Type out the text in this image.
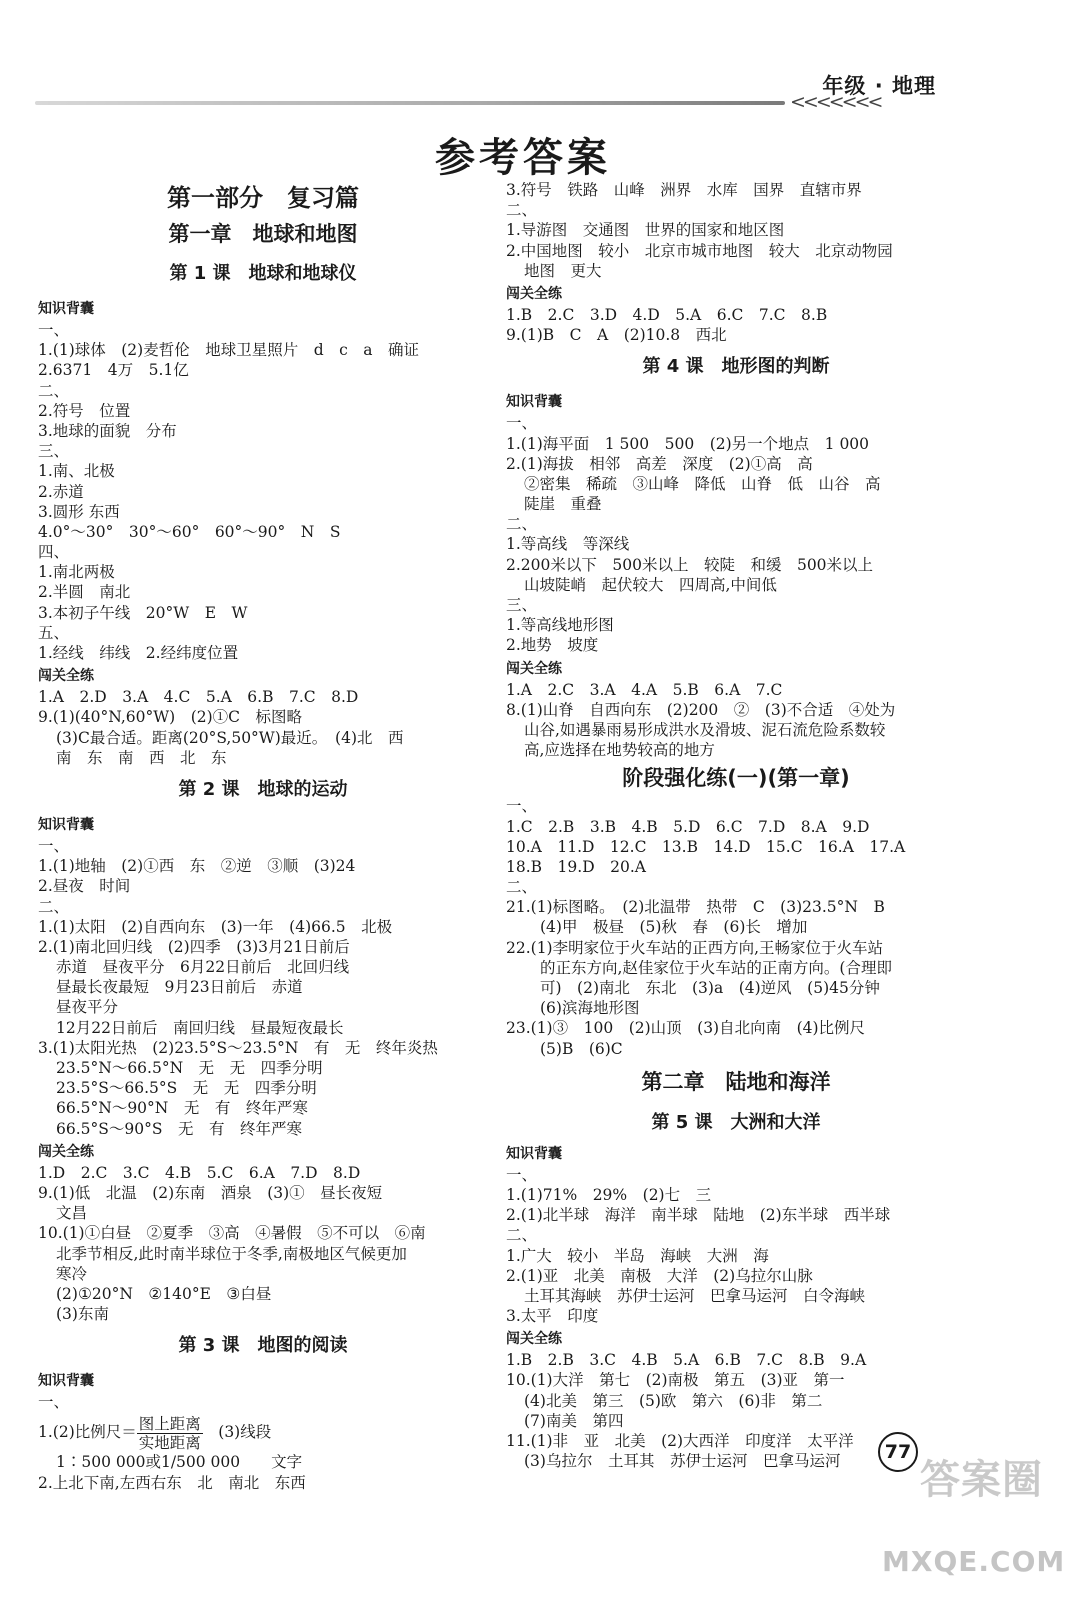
年级 · 地理
<<<<<<<
参考答案
第一部分　复习篇
第一章　地球和地图
第 1 课　地球和地球仪
知识背囊
一、
1.(1)球体　(2)麦哲伦　地球卫星照片　d　c　a　确证
2.6371　4万　5.1亿
二、
2.符号　位置
3.地球的面貌　分布
三、
1.南、北极
2.赤道
3.圆形 东西
4.0°～30°　30°～60°　60°～90°　N　S
四、
1.南北两极
2.半圆　南北
3.本初子午线　20°W　E　W
五、
1.经线　纬线　2.经纬度位置
闯关全练
1.A　2.D　3.A　4.C　5.A　6.B　7.C　8.D
9.(1)(40°N,60°W)　(2)①C　标图略
(3)C最合适。距离(20°S,50°W)最近。　(4)北　西
南　东　南　西　北　东
第 2 课　地球的运动
知识背囊
一、
1.(1)地轴　(2)①西　东　②逆　③顺　(3)24
2.昼夜　时间
二、
1.(1)太阳　(2)自西向东　(3)一年　(4)66.5　北极
2.(1)南北回归线　(2)四季　(3)3月21日前后
赤道　昼夜平分　6月22日前后　北回归线
昼最长夜最短　9月23日前后　赤道
昼夜平分
12月22日前后　南回归线　昼最短夜最长
3.(1)太阳光热　(2)23.5°S～23.5°N　有　无　终年炎热
23.5°N～66.5°N　无　无　四季分明
23.5°S～66.5°S　无　无　四季分明
66.5°N～90°N　无　有　终年严寒
66.5°S～90°S　无　有　终年严寒
闯关全练
1.D　2.C　3.C　4.B　5.C　6.A　7.D　8.D
9.(1)低　北温　(2)东南　酒泉　(3)①　昼长夜短
文昌
10.(1)①白昼　②夏季　③高　④暑假　⑤不可以　⑥南
北季节相反,此时南半球位于冬季,南极地区气候更加
寒冷
(2)①20°N　②140°E　③白昼
(3)东南
第 3 课　地图的阅读
知识背囊
一、
1.(2)比例尺＝ $\frac{\text{图上距离}}{\text{实地距离}}$ 　(3)线段
1∶500 000或1/500 000　　文字
2.上北下南,左西右东　北　南北　东西
3.符号　铁路　山峰　洲界　水库　国界　直辖市界
二、
1.导游图　交通图　世界的国家和地区图
2.中国地图　较小　北京市城市地图　较大　北京动物园
地图　更大
闯关全练
1.B　2.C　3.D　4.D　5.A　6.C　7.C　8.B
9.(1)B　C　A　(2)10.8　西北
第 4 课　地形图的判断
知识背囊
一、
1.(1)海平面　1 500　500　(2)另一个地点　1 000
2.(1)海拔　相邻　高差　深度　(2)①高　高
②密集　稀疏　③山峰　降低　山脊　低　山谷　高
陡崖　重叠
二、
1.等高线　等深线
2.200米以下　500米以上　较陡　和缓　500米以上
山坡陡峭　起伏较大　四周高,中间低
三、
1.等高线地形图
2.地势　坡度
闯关全练
1.A　2.C　3.A　4.A　5.B　6.A　7.C
8.(1)山脊　自西向东　(2)200　②　(3)不合适　④处为
山谷,如遇暴雨易形成洪水及滑坡、泥石流危险系数较
高,应选择在地势较高的地方
阶段强化练(一)(第一章)
一、
1.C　2.B　3.B　4.B　5.D　6.C　7.D　8.A　9.D
10.A　11.D　12.C　13.B　14.D　15.C　16.A　17.A
18.B　19.D　20.A
二、
21.(1)标图略。　(2)北温带　热带　C　(3)23.5°N　B
(4)甲　极昼　(5)秋　春　(6)长　增加
22.(1)李明家位于火车站的正西方向,王畅家位于火车站
的正东方向,赵佳家位于火车站的正南方向。(合理即
可)　(2)南北　东北　(3)a　(4)逆风　(5)45分钟
(6)滨海地形图
23.(1)③　100　(2)山顶　(3)自北向南　(4)比例尺
(5)B　(6)C
第二章　陆地和海洋
第 5 课　大洲和大洋
知识背囊
一、
1.(1)71%　29%　(2)七　三
2.(1)北半球　海洋　南半球　陆地　(2)东半球　西半球
二、
1.广大　较小　半岛　海峡　大洲　海
2.(1)亚　北美　南极　大洋　(2)乌拉尔山脉
土耳其海峡　苏伊士运河　巴拿马运河　白令海峡
3.太平　印度
闯关全练
1.B　2.B　3.C　4.B　5.A　6.B　7.C　8.B　9.A
10.(1)大洋　第七　(2)南极　第五　(3)亚　第一
(4)北美　第三　(5)欧　第六　(6)非　第二
(7)南美　第四
11.(1)非　亚　北美　(2)大西洋　印度洋　太平洋
(3)乌拉尔　土耳其　苏伊士运河　巴拿马运河	77
答案圈
MXQE.COM
